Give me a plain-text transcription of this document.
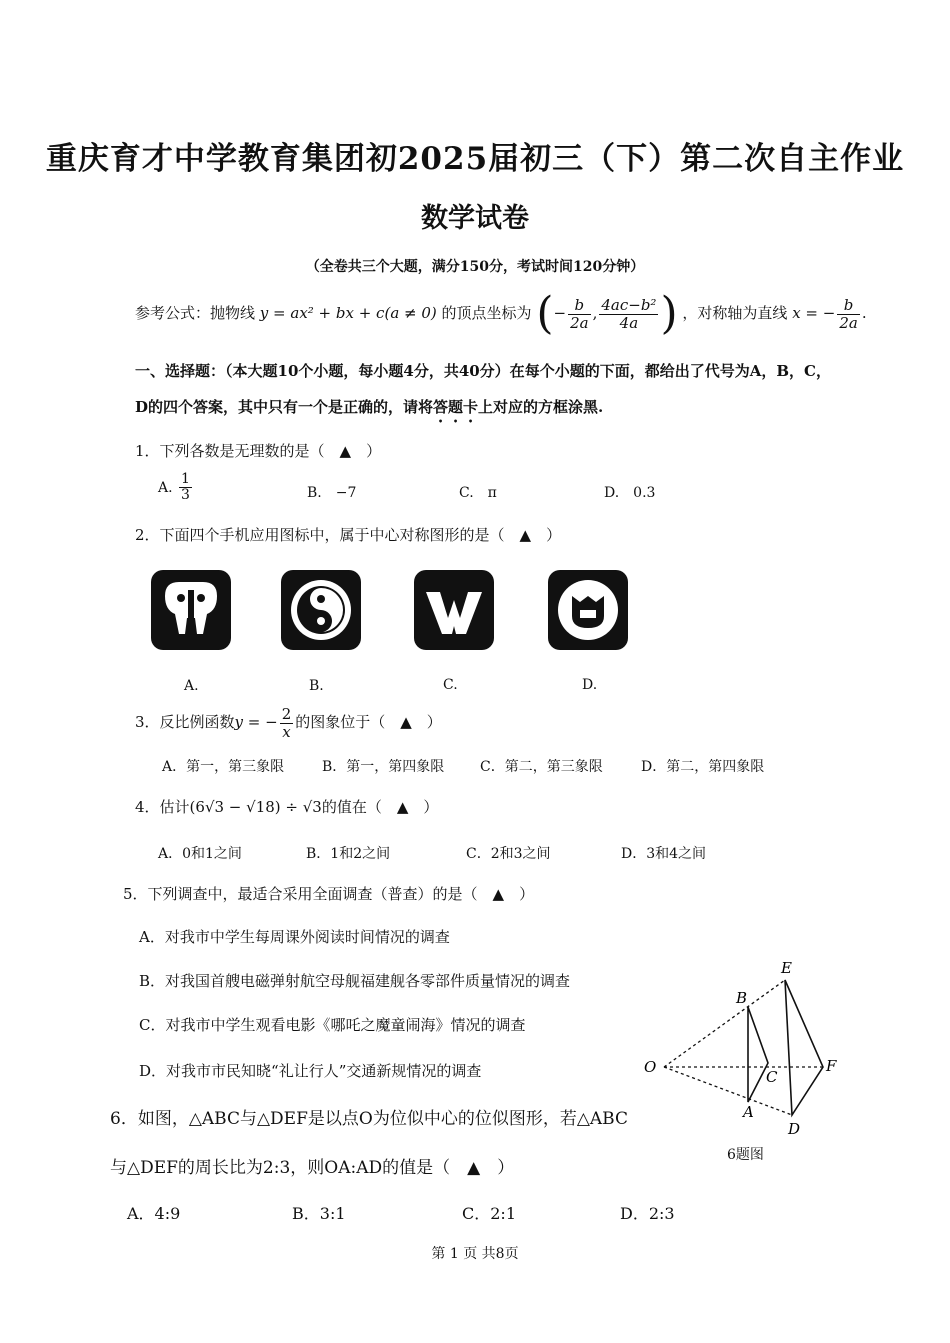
重庆育才中学教育集团初2025届初三（下）第二次自主作业
数学试卷
（全卷共三个大题，满分150分，考试时间120分钟）
参考公式：抛物线 y = ax² + bx + c(a ≠ 0) 的顶点坐标为 (− $\frac{b}{2a}$ , $\frac{\text{4ac−b²}}{4a}$ ) ，对称轴为直线 x = − $\frac{b}{2a}$ .
一、选择题：（本大题10个小题，每小题4分，共40分）在每个小题的下面，都给出了代号为A，B，C，
D的四个答案，其中只有一个是正确的，请将答题卡上对应的方框涂黑.
1．下列各数是无理数的是（　▲　）
A. $\frac{1}{3}$	B.　−7	C.　π	D.　0.3
2．下面四个手机应用图标中，属于中心对称图形的是（　▲　）
A.	B.	C.	D.
3．反比例函数y = − $\frac{2}{x}$ 的图象位于（　▲　）
A．第一，第三象限	B．第一，第四象限	C．第二，第三象限	D．第二，第四象限
4．估计(6√3 − √18) ÷ √3的值在（　▲　）
A．0和1之间	B．1和2之间	C．2和3之间	D．3和4之间
5．下列调查中，最适合采用全面调查（普查）的是（　▲　）
A．对我市中学生每周课外阅读时间情况的调查
B．对我国首艘电磁弹射航空母舰福建舰各零部件质量情况的调查
C．对我市中学生观看电影《哪吒之魔童闹海》情况的调查
D．对我市市民知晓“礼让行人”交通新规情况的调查	O
B
A
C
E
F
D
6题图
6．如图，△ABC与△DEF是以点O为位似中心的位似图形，若△ABC
与△DEF的周长比为2:3，则OA:AD的值是（　▲　）
A．4:9	B．3:1	C．2:1	D．2:3
第 1 页 共8页
